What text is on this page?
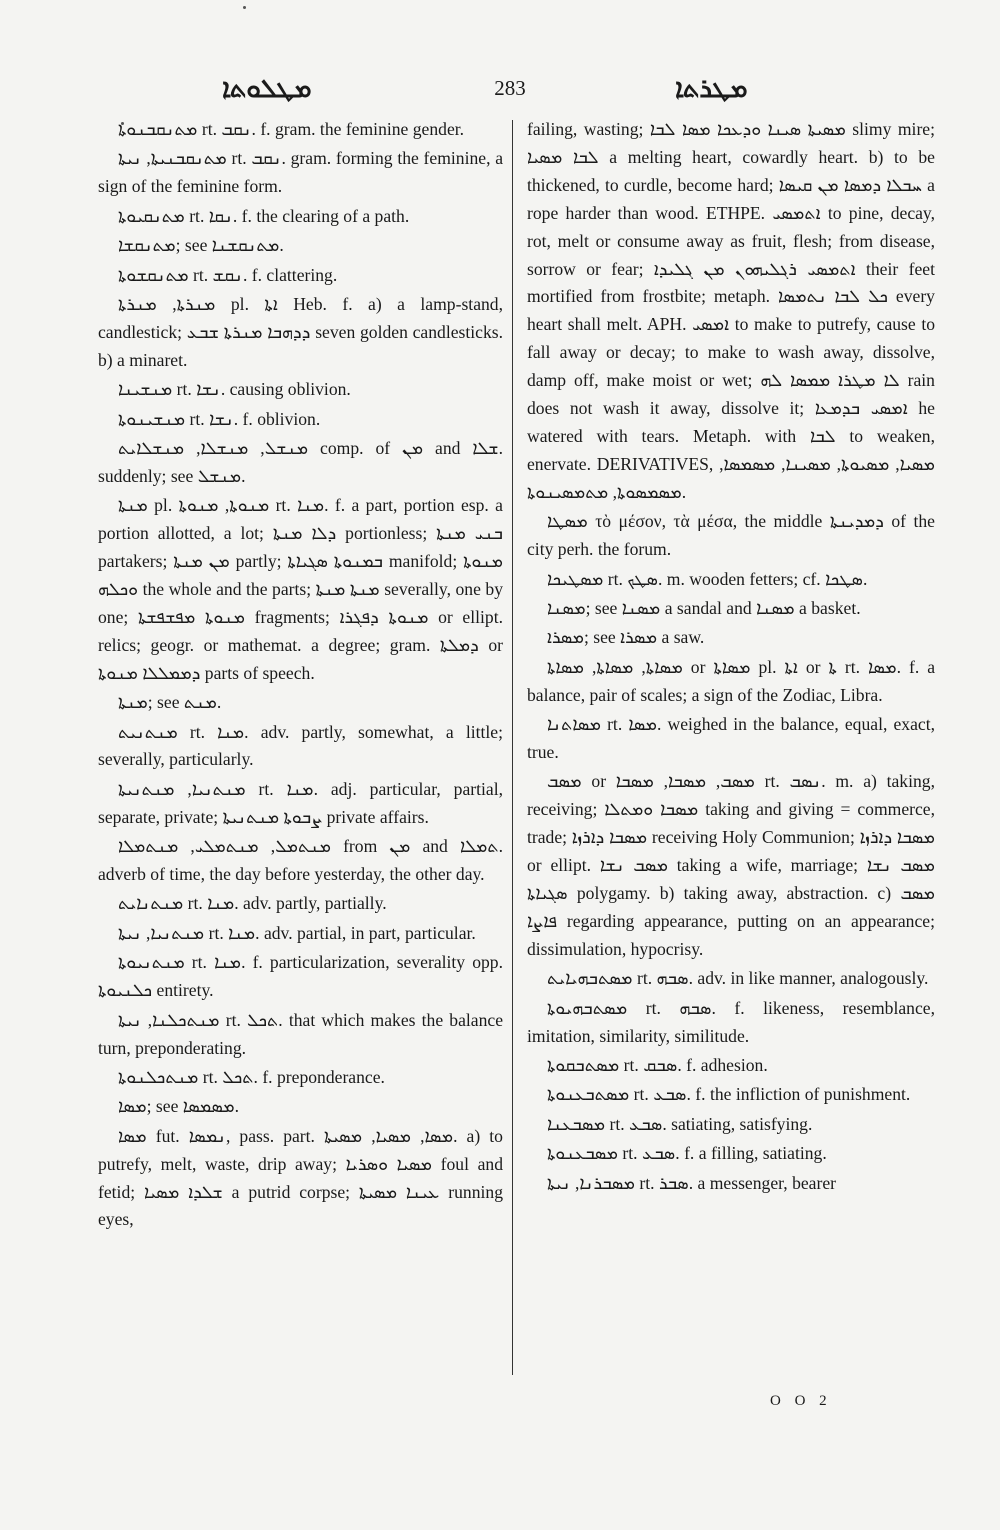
ܡܛܠܘܬܐ	283	ܡܛܪܬܐ

ܡܬܢܩܒܢܘܬܐ rt. ܢܩܒ. f. gram. the feminine gender.

ܡܬܢܩܒܢܝܬܐ, ܢܝܬܐ rt. ܢܩܒ. gram. forming the feminine, a sign of the feminine form.

ܡܬܢܩܝܘܬܐ rt. ܢܩܐ. f. the clearing of a path.

ܡܬܢܩܫܐ; see ܡܬܢܩܫܢܐ.

ܡܬܢܩܫܘܬܐ rt. ܢܩܫ. f. clattering.

ܡܢܪܬܐ, ܡܢܪܬܐ pl. ܐܬܐ Heb. f. a) a lamp-stand, candlestick; ܕܕܗܒܐ ܡܢܪܬܐ ܫܒܥ seven golden candlesticks. b) a minaret.

ܡܢܫܝܢܐ rt. ܢܫܐ. causing oblivion.

ܡܢܫܝܢܘܬܐ rt. ܢܫܐ. f. oblivion.

ܡܢܫܠ, ܡܢܫܠܐ, ܡܢܫܠܐܝܬ comp. of ܡܢ and ܫܠܐ. suddenly; see ܡܢܫܠ.

ܡܢܬܐ pl. ܡܢܘܬܐ, ܡܢܘܬܐ rt. ܡܢܐ. f. a part, portion esp. a portion allotted, a lot; ܕܠܐ ܡܢܬܐ portionless; ܒܢܝ ܡܢܬܐ partakers; ܡܢ ܡܢܬܐ partly; ܒܡܢܘܬܐ ܣܓܝܐܬܐ manifold; ܡܢܘܬܐ ܘܟܠܗ the whole and the parts; ܡܢܬܐ ܡܢܬܐ severally, one by one; ܡܢܘܬܐ ܡܦܫܦܫܬܐ fragments; ܡܢܘܬܐ ܕܦܓܪܐ or ellipt. relics; geogr. or mathemat. a degree; gram. ܕܡܠܬܐ or ܕܡܡܠܠܐ ܡܢܘܬܐ parts of speech.

ܡܢܬܐ; see ܡܢܬ.

ܡܢܬܢܝܬ rt. ܡܢܐ. adv. partly, somewhat, a little; severally, particularly.

ܡܢܬܢܝܐ, ܡܢܬܢܝܬܐ rt. ܡܢܐ. adj. particular, partial, separate, private; ܨܒܘܬܐ ܡܢܬܢܝܬܐ private affairs.

ܡܢܬܡܠ, ܡܢܬܡܠܝ, ܡܢܬܡܠܐ from ܡܢ and ܬܡܠܐ. adverb of time, the day before yesterday, the other day.

ܡܢܬܢܐܝܬ rt. ܡܢܐ. adv. partly, partially.

ܡܢܬܢܝܐ, ܢܝܬܐ rt. ܡܢܐ. adv. partial, in part, particular.

ܡܢܬܢܝܘܬܐ rt. ܡܢܐ. f. particularization, severality opp. ܟܠܢܝܘܬܐ entirety.

ܡܢܬܟܠܢܐ, ܢܝܬܐ rt. ܬܟܠ. that which makes the balance turn, preponderating.

ܡܢܬܟܠܢܘܬܐ rt. ܬܟܠ. f. preponderance.

ܡܣܐ; see ܡܣܡܣܐ.

ܡܣܐ fut. ܢܡܣܐ, pass. part. ܡܣܐ, ܡܣܝܐ, ܡܣܝܬܐ. a) to putrefy, melt, waste, drip away; ܡܣܝܐ ܘܣܪܝܐ foul and fetid; ܫܠܕܐ ܡܣܝܐ a putrid corpse; ܥܝܢܐ ܡܣܝܬܐ running eyes,

failing, wasting; ܡܣܝܬܐ ܣܝܢܐ ܘܕܥܟܐ ܡܣܐ ܠܒܐ slimy mire; ܠܒܐ ܡܣܝܐ a melting heart, cowardly heart. b) to be thickened, to curdle, become hard; ܚܒܠܐ ܕܡܣܐ ܡܢ ܩܝܣܐ a rope harder than wood. ETHPE. ܐܬܡܣܝ to pine, decay, rot, melt or consume away as fruit, flesh; from disease, sorrow or fear; ܐܬܡܣܝ ܪܓܠܝܗܘܢ ܡܢ ܓܠܝܕܐ their feet mortified from frostbite; metaph. ܟܠ ܠܒܐ ܢܬܡܣܐ every heart shall melt. APH. ܐܡܣܝ to make to putrefy, cause to fall away or decay; to make to wash away, dissolve, damp off, make moist or wet; ܠܐ ܡܛܪܐ ܡܡܣܐ ܠܗ rain does not wash it away, dissolve it; ܐܡܣܝ ܒܕܡܥܐ he watered with tears. Metaph. with ܠܒܐ to weaken, enervate. DERIVATIVES, ܡܣܝܐ, ܡܣܝܘܬܐ, ܡܣܝܢܐ, ܡܣܡܣܐ, ܡܣܡܣܘܬܐ, ܡܬܡܣܝܢܘܬܐ.

ܡܣܛܐ τὸ μέσον, τὰ μέσα, the middle ܕܡܕܝܢܬܐ of the city perh. the forum.

ܡܣܛܝܟܐ rt. ܣܛܟ. m. wooden fetters; cf. ܣܛܟܐ.

ܡܣܢܐ; see ܡܣܢܐ a sandal and ܡܣܢܐ a basket.

ܡܣܪܐ; see ܡܣܪܐ a saw.

ܡܣܐܬܐ, ܡܣܐܬܐ, ܡܣܐܬܐ or ܡܣܐܬܐ pl. ܐܬܐ or ܬܐ rt. ܡܣܐ. f. a balance, pair of scales; a sign of the Zodiac, Libra.

ܡܣܐܬܢܐ rt. ܡܣܐ. weighed in the balance, equal, exact, true.

ܡܣܒ or ܡܣܒ, ܡܣܒܐ, ܡܣܒܐ rt. ܢܣܒ. m. a) taking, receiving; ܡܣܒܐ ܘܡܬܠܐ taking and giving = commerce, trade; ܡܣܒܐ ܕܐܪܙܐ receiving Holy Communion; ܡܣܒܐ ܕܐܪܙܐ or ellipt. ܡܣܒ ܢܫܐ taking a wife, marriage; ܡܣܒ ܢܫܐ ܣܓܝܐܬܐ polygamy. b) taking away, abstraction. c) ܡܣܒ ܦܐܨܐ regarding appearance, putting on an appearance; dissimulation, hypocrisy.

ܡܣܬܒܗܝܐܝܬ rt. ܣܒܗ. adv. in like manner, analogously.

ܡܣܬܒܗܝܘܬܐ rt. ܣܒܗ. f. likeness, resemblance, imitation, similarity, similitude.

ܡܣܬܒܩܘܬܐ rt. ܣܒܩ. f. adhesion.

ܡܣܬܒܥܢܘܬܐ rt. ܣܒܥ. f. the infliction of punishment.

ܡܣܒܥܢܐ rt. ܣܒܥ. satiating, satisfying.

ܡܣܒܥܢܘܬܐ rt. ܣܒܥ. f. a filling, satiating.

ܡܣܒܪܢܐ, ܢܝܬܐ rt. ܣܒܪ. a messenger, bearer

O O 2
